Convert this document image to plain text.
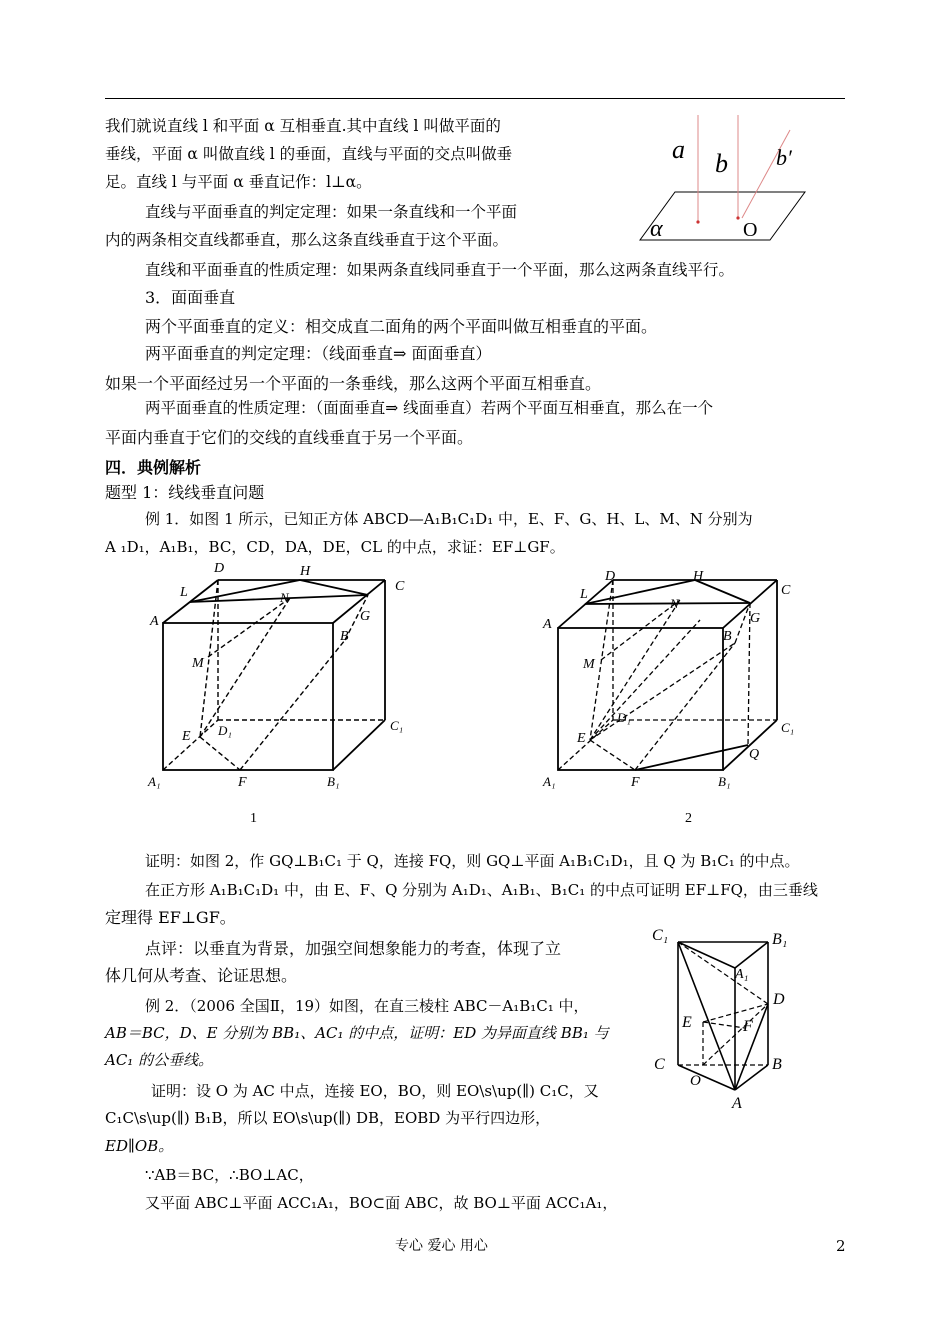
我们就说直线 l 和平面 α 互相垂直.其中直线 l 叫做平面的
垂线，平面 α 叫做直线 l 的垂面，直线与平面的交点叫做垂
足。直线 l 与平面 α 垂直记作：l⊥α。
直线与平面垂直的判定定理：如果一条直线和一个平面
内的两条相交直线都垂直，那么这条直线垂直于这个平面。
直线和平面垂直的性质定理：如果两条直线同垂直于一个平面，那么这两条直线平行。
3．面面垂直
两个平面垂直的定义：相交成直二面角的两个平面叫做互相垂直的平面。
两平面垂直的判定定理：（线面垂直⇒ 面面垂直）
如果一个平面经过另一个平面的一条垂线，那么这两个平面互相垂直。
两平面垂直的性质定理：（面面垂直⇒ 线面垂直）若两个平面互相垂直，那么在一个
平面内垂直于它们的交线的直线垂直于另一个平面。
四．典例解析
题型 1：线线垂直问题
例 1．如图 1 所示，已知正方体 ABCD—A₁B₁C₁D₁ 中，E、F、G、H、L、M、N 分别为
A ₁D₁，A₁B₁，BC，CD，DA，DE，CL 的中点，求证：EF⊥GF。
证明：如图 2，作 GQ⊥B₁C₁ 于 Q，连接 FQ，则 GQ⊥平面 A₁B₁C₁D₁，且 Q 为 B₁C₁ 的中点。
在正方形 A₁B₁C₁D₁ 中，由 E、F、Q 分别为 A₁D₁、A₁B₁、B₁C₁ 的中点可证明 EF⊥FQ，由三垂线
定理得 EF⊥GF。
点评：以垂直为背景，加强空间想象能力的考查，体现了立
体几何从考查、论证思想。
例 2．（2006 全国Ⅱ，19）如图，在直三棱柱 ABC－A₁B₁C₁ 中，
AB＝BC，D、E 分别为 BB₁、AC₁ 的中点，证明：ED 为异面直线 BB₁ 与
AC₁ 的公垂线。
证明：设 O 为 AC 中点，连接 EO，BO，则 EO\s\up(∥) C₁C，又
C₁C\s\up(∥) B₁B，所以 EO\s\up(∥) DB，EOBD 为平行四边形，
ED∥OB。
∵AB＝BC，∴BO⊥AC，
又平面 ABC⊥平面 ACC₁A₁，BO⊂面 ABC，故 BO⊥平面 ACC₁A₁，
a b b′
α	O
D	H
C
L	N
G
A
B
M
D₁	C₁
E
A₁	F	B₁
1
D	H
C
L
N
G
A
B
M
D₁
C₁
E
Q
A₁	F	B₁
2
C₁	B₁
A₁
D
E	F
C	B
O
A
专心 爱心 用心	2
